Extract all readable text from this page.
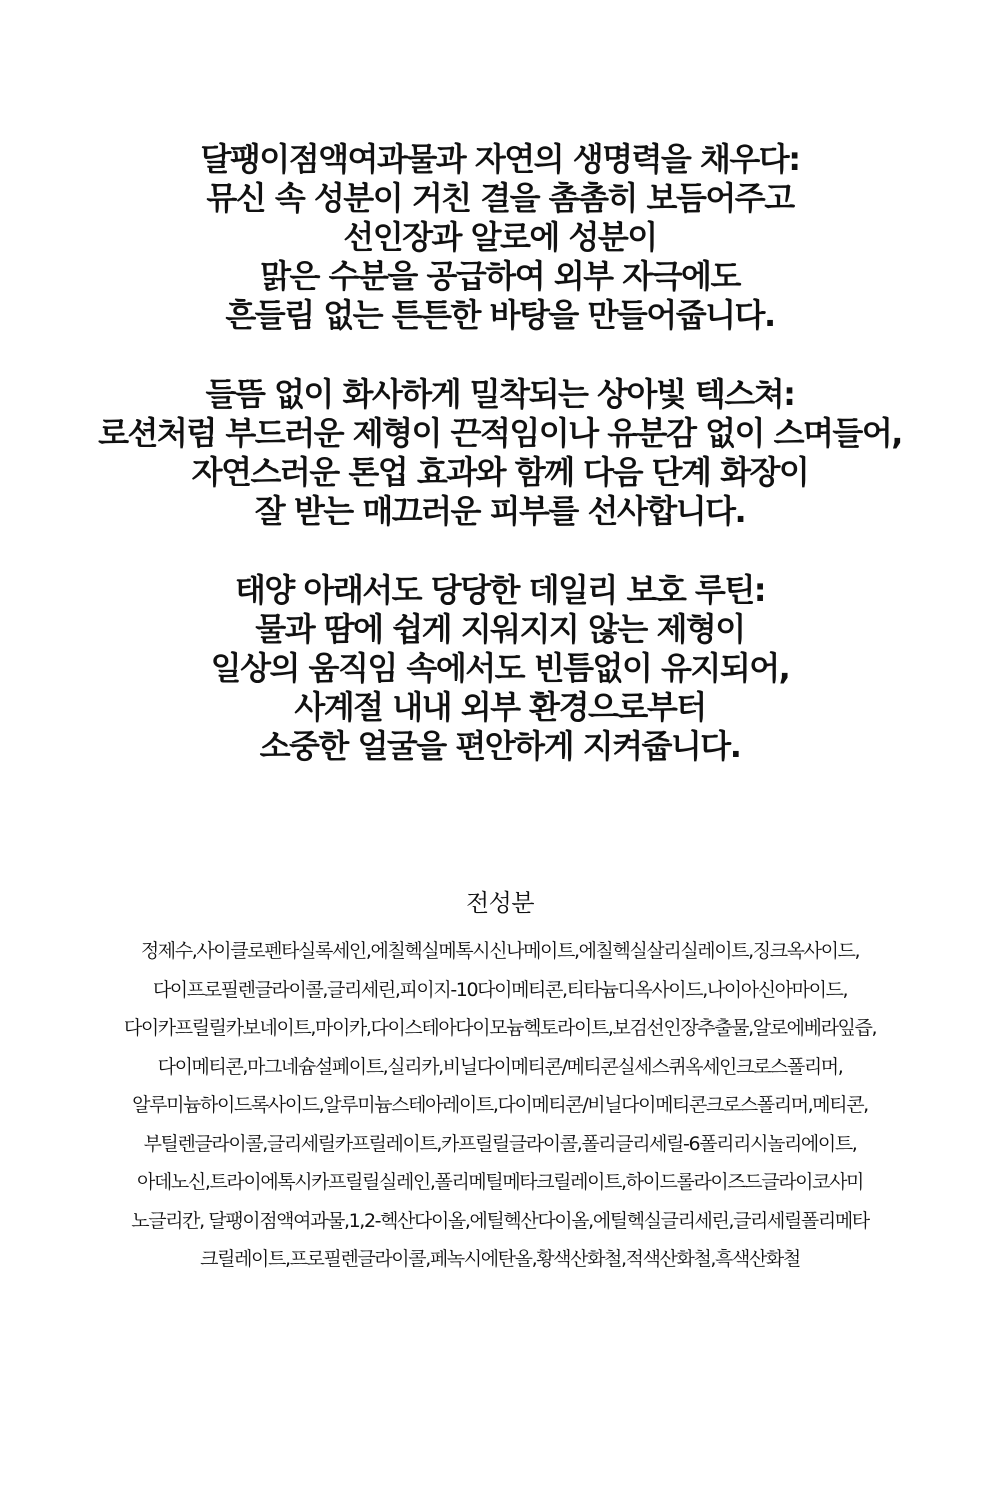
달팽이점액여과물과 자연의 생명력을 채우다:
뮤신 속 성분이 거친 결을 촘촘히 보듬어주고
선인장과 알로에 성분이
맑은 수분을 공급하여 외부 자극에도
흔들림 없는 튼튼한 바탕을 만들어줍니다.
들뜸 없이 화사하게 밀착되는 상아빛 텍스쳐:
로션처럼 부드러운 제형이 끈적임이나 유분감 없이 스며들어,
자연스러운 톤업 효과와 함께 다음 단계 화장이
잘 받는 매끄러운 피부를 선사합니다.
태양 아래서도 당당한 데일리 보호 루틴:
물과 땀에 쉽게 지워지지 않는 제형이
일상의 움직임 속에서도 빈틈없이 유지되어,
사계절 내내 외부 환경으로부터
소중한 얼굴을 편안하게 지켜줍니다.
전성분
정제수,사이클로펜타실록세인,에칠헥실메톡시신나메이트,에칠헥실살리실레이트,징크옥사이드,
다이프로필렌글라이콜,글리세린,피이지-10다이메티콘,티타늄디옥사이드,나이아신아마이드,
다이카프릴릴카보네이트,마이카,다이스테아다이모늄헥토라이트,보검선인장추출물,알로에베라잎즙,
다이메티콘,마그네슘설페이트,실리카,비닐다이메티콘/메티콘실세스퀴옥세인크로스폴리머,
알루미늄하이드록사이드,알루미늄스테아레이트,다이메티콘/비닐다이메티콘크로스폴리머,메티콘,
부틸렌글라이콜,글리세릴카프릴레이트,카프릴릴글라이콜,폴리글리세릴-6폴리리시놀리에이트,
아데노신,트라이에톡시카프릴릴실레인,폴리메틸메타크릴레이트,하이드롤라이즈드글라이코사미
노글리칸, 달팽이점액여과물,1,2-헥산다이올,에틸헥산다이올,에틸헥실글리세린,글리세릴폴리메타
크릴레이트,프로필렌글라이콜,페녹시에탄올,황색산화철,적색산화철,흑색산화철
